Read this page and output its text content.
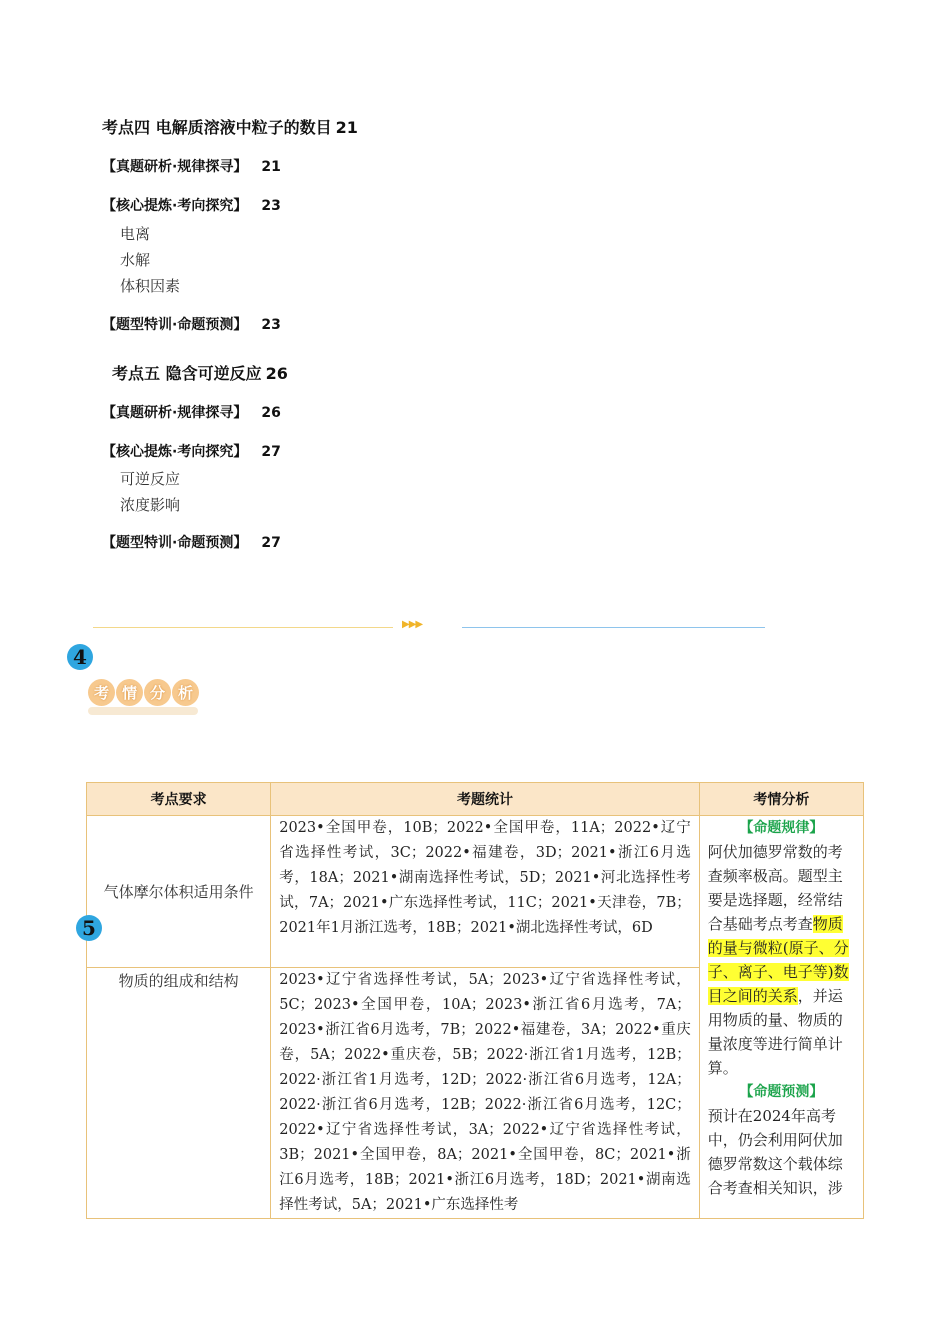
考点四 电解质溶液中粒子的数目 21
【真题研析·规律探寻】 21
【核心提炼·考向探究】 23
电离
水解
体积因素
【题型特训·命题预测】 23
考点五 隐含可逆反应 26
【真题研析·规律探寻】 26
【核心提炼·考向探究】 27
可逆反应
浓度影响
【题型特训·命题预测】 27
▶▶▶
4
考 情 分 析
考点要求	考题统计	考情分析
气体摩尔体积适用条件	2023•全国甲卷，10B；2022•全国甲卷，11A；2022•辽宁省选择性考试，3C；2022•福建卷，3D；2021•浙江6月选考，18A；2021•湖南选择性考试，5D；2021•河北选择性考试，7A；2021•广东选择性考试，11C；2021•天津卷，7B；2021年1月浙江选考，18B；2021•湖北选择性考试，6D	【命题规律】
阿伏加德罗常数的考查频率极高。题型主要是选择题，经常结合基础考点考查物质的量与微粒(原子、分子、离子、电子等)数目之间的关系，并运用物质的量、物质的量浓度等进行简单计算。
【命题预测】
预计在2024年高考中，仍会利用阿伏加德罗常数这个载体综合考查相关知识，涉
物质的组成和结构	2023•辽宁省选择性考试，5A；2023•辽宁省选择性考试，5C；2023•全国甲卷，10A；2023•浙江省6月选考，7A；2023•浙江省6月选考，7B；2022•福建卷，3A；2022•重庆卷，5A；2022•重庆卷，5B；2022·浙江省1月选考，12B；2022·浙江省1月选考，12D；2022·浙江省6月选考，12A；2022·浙江省6月选考，12B；2022·浙江省6月选考，12C；2022•辽宁省选择性考试，3A；2022•辽宁省选择性考试，3B；2021•全国甲卷，8A；2021•全国甲卷，8C；2021•浙江6月选考，18B；2021•浙江6月选考，18D；2021•湖南选择性考试，5A；2021•广东选择性考	
5
